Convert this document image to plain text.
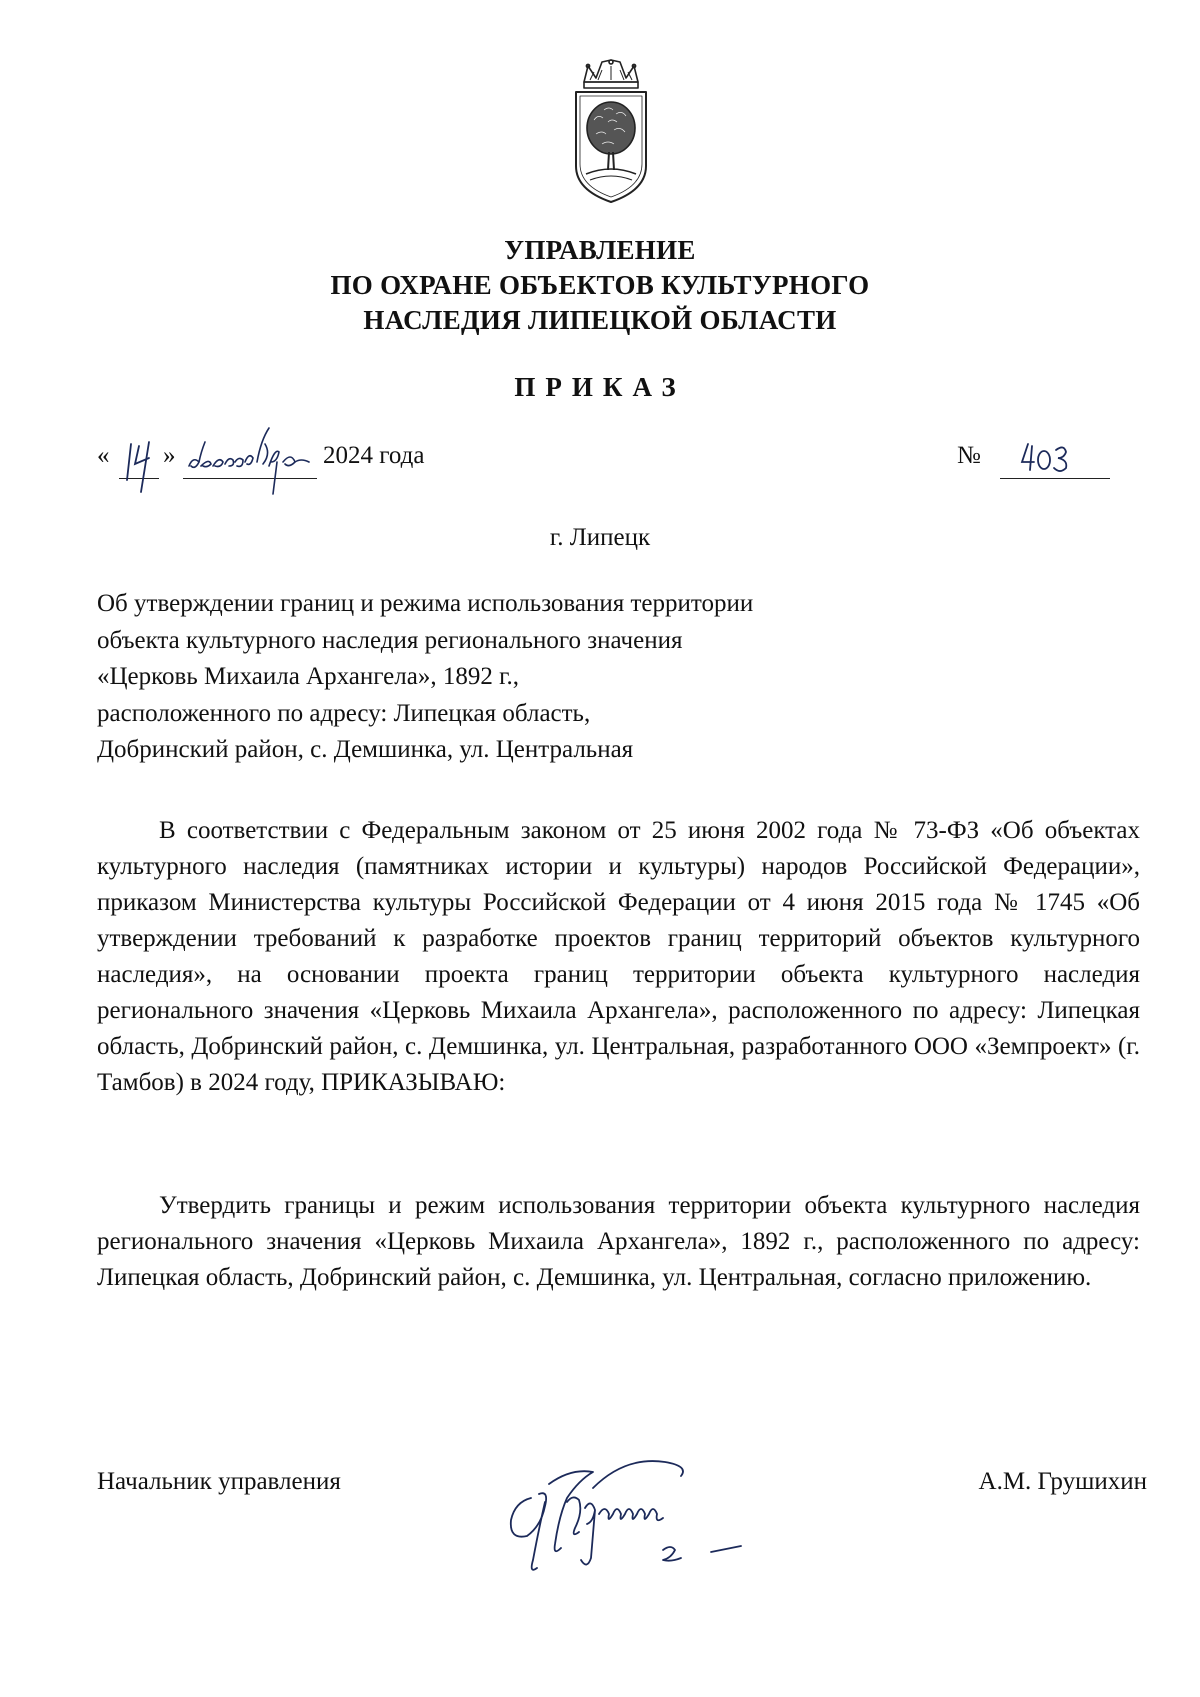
УПРАВЛЕНИЕ
ПО ОХРАНЕ ОБЪЕКТОВ КУЛЬТУРНОГО
НАСЛЕДИЯ ЛИПЕЦКОЙ ОБЛАСТИ
ПРИКАЗ
« »	2024 года	№
г. Липецк
Об утверждении границ и режима использования территории
объекта культурного наследия регионального значения
«Церковь Михаила Архангела», 1892 г.,
расположенного по адресу: Липецкая область,
Добринский район, с. Демшинка, ул. Центральная
В соответствии с Федеральным законом от 25 июня 2002 года № 73-ФЗ «Об объектах культурного наследия (памятниках истории и культуры) народов Российской Федерации», приказом Министерства культуры Российской Федерации от 4 июня 2015 года № 1745 «Об утверждении требований к разработке проектов границ территорий объектов культурного наследия», на основании проекта границ территории объекта культурного наследия регионального значения «Церковь Михаила Архангела», расположенного по адресу: Липецкая область, Добринский район, с. Демшинка, ул. Центральная, разработанного ООО «Земпроект» (г. Тамбов) в 2024 году, ПРИКАЗЫВАЮ:
Утвердить границы и режим использования территории объекта культурного наследия регионального значения «Церковь Михаила Архангела», 1892 г., расположенного по адресу: Липецкая область, Добринский район, с. Демшинка, ул. Центральная, согласно приложению.
Начальник управления	А.М. Грушихин
